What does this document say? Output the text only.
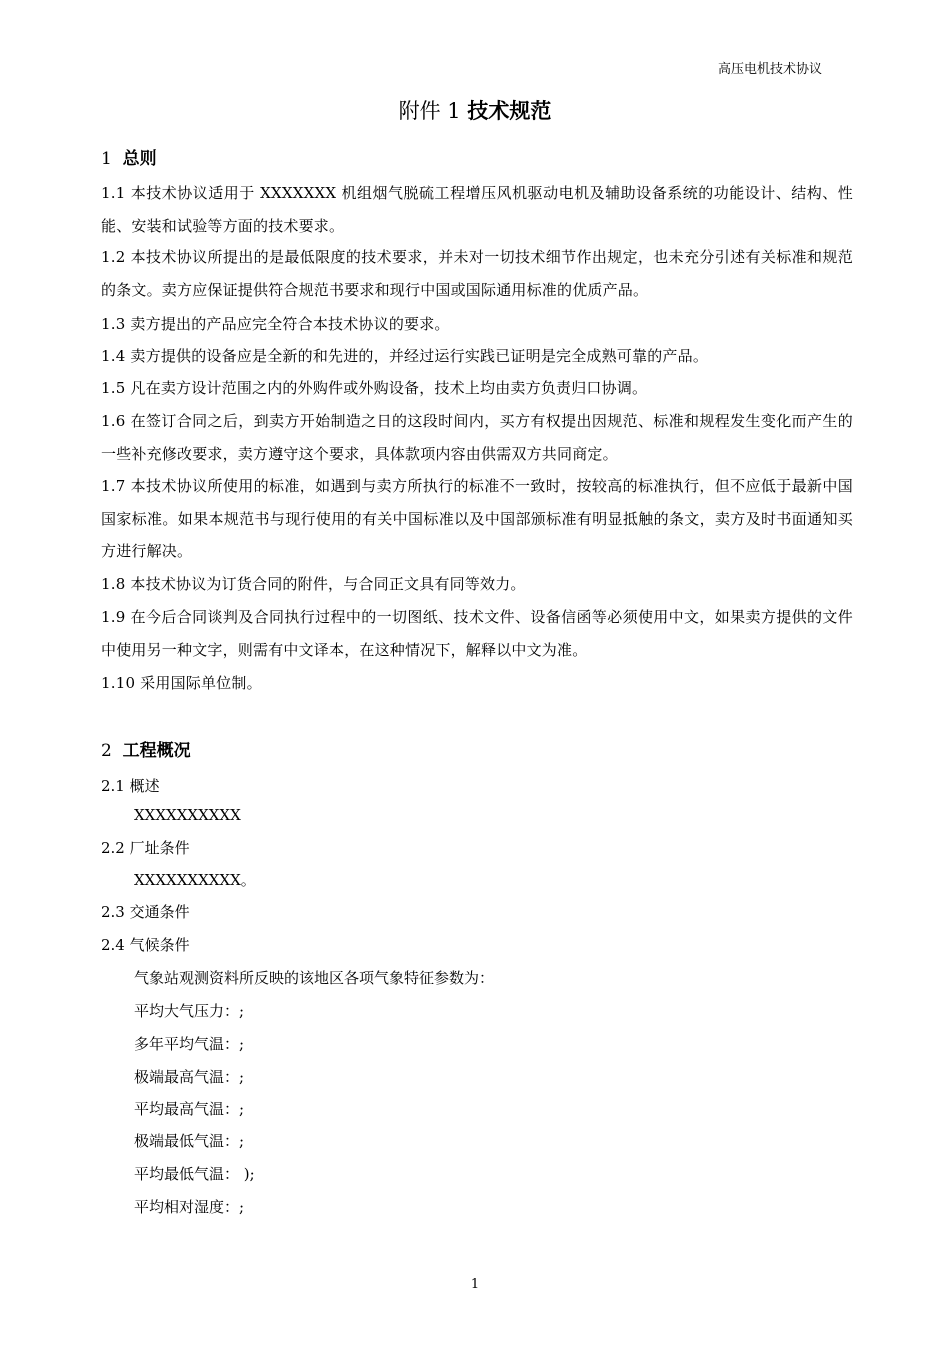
高压电机技术协议
附件 1 技术规范
1 总则
1.1 本技术协议适用于 XXXXXXX 机组烟气脱硫工程增压风机驱动电机及辅助设备系统的功能设计、结构、性能、安装和试验等方面的技术要求。
1.2 本技术协议所提出的是最低限度的技术要求，并未对一切技术细节作出规定，也未充分引述有关标准和规范的条文。卖方应保证提供符合规范书要求和现行中国或国际通用标准的优质产品。
1.3 卖方提出的产品应完全符合本技术协议的要求。
1.4 卖方提供的设备应是全新的和先进的，并经过运行实践已证明是完全成熟可靠的产品。
1.5 凡在卖方设计范围之内的外购件或外购设备，技术上均由卖方负责归口协调。
1.6 在签订合同之后，到卖方开始制造之日的这段时间内，买方有权提出因规范、标准和规程发生变化而产生的一些补充修改要求，卖方遵守这个要求，具体款项内容由供需双方共同商定。
1.7 本技术协议所使用的标准，如遇到与卖方所执行的标准不一致时，按较高的标准执行，但不应低于最新中国国家标准。如果本规范书与现行使用的有关中国标准以及中国部颁标准有明显抵触的条文，卖方及时书面通知买方进行解决。
1.8 本技术协议为订货合同的附件，与合同正文具有同等效力。
1.9 在今后合同谈判及合同执行过程中的一切图纸、技术文件、设备信函等必须使用中文，如果卖方提供的文件中使用另一种文字，则需有中文译本，在这种情况下，解释以中文为准。
1.10 采用国际单位制。
2 工程概况
2.1 概述
XXXXXXXXXX
2.2 厂址条件
XXXXXXXXXX。
2.3 交通条件
2.4 气候条件
气象站观测资料所反映的该地区各项气象特征参数为：
平均大气压力：;
多年平均气温：;
极端最高气温：;
平均最高气温：;
极端最低气温：;
平均最低气温： );
平均相对湿度：;
1
